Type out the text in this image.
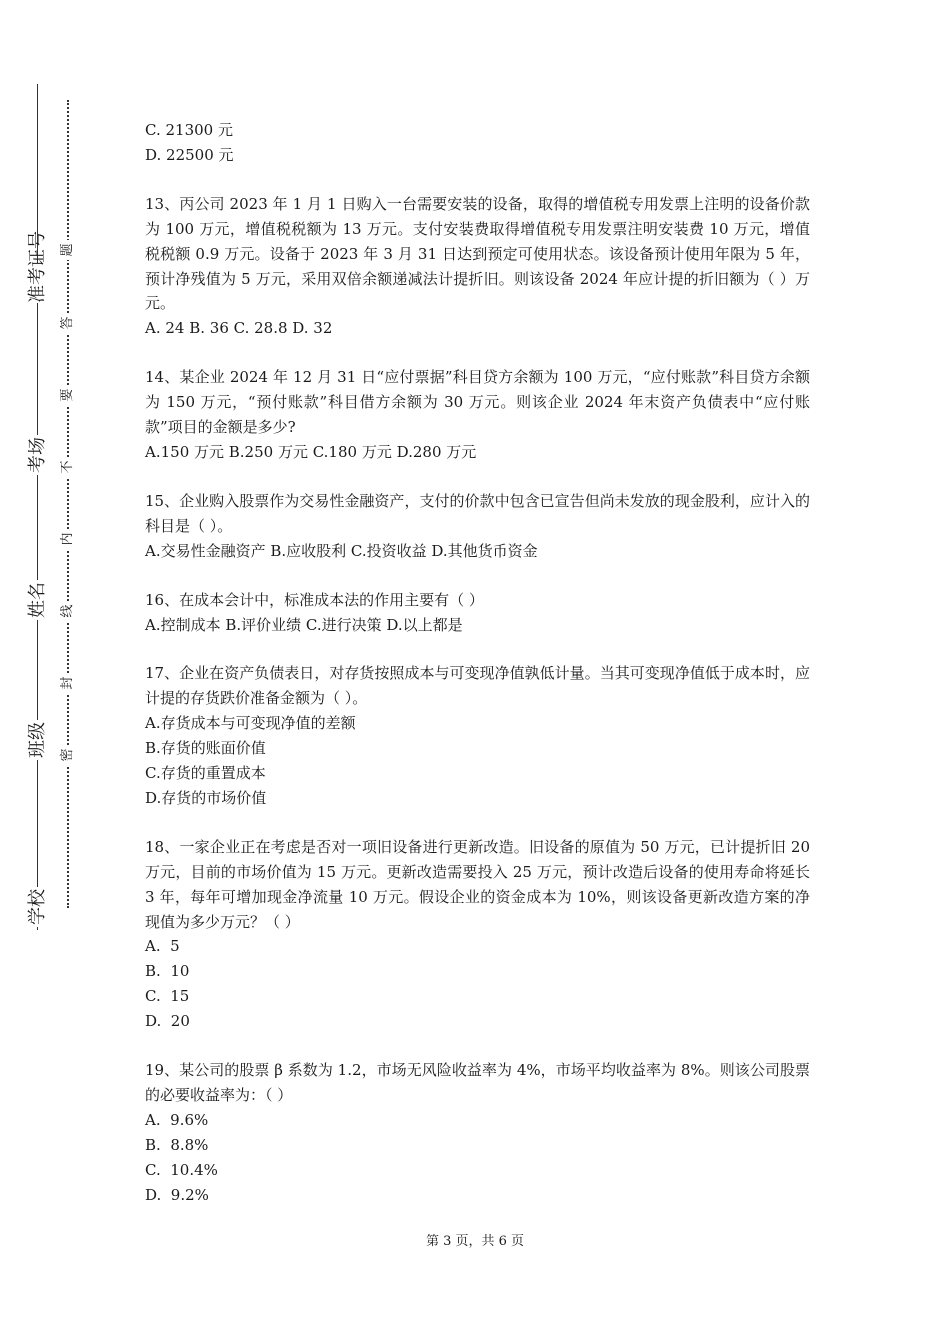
准考证号
考场
姓名
班级
学校
题
答
要
不
内
线
封
密

C. 21300 元

D. 22500 元

13、丙公司 2023 年 1 月 1 日购入一台需要安装的设备，取得的增值税专用发票上注明的设备价款为 100 万元，增值税税额为 13 万元。支付安装费取得增值税专用发票注明安装费 10 万元，增值税税额 0.9 万元。设备于 2023 年 3 月 31 日达到预定可使用状态。该设备预计使用年限为 5 年，预计净残值为 5 万元，采用双倍余额递减法计提折旧。则该设备 2024 年应计提的折旧额为（ ）万元。

A. 24 B. 36 C. 28.8 D. 32

14、某企业 2024 年 12 月 31 日“应付票据”科目贷方余额为 100 万元，“应付账款”科目贷方余额为 150 万元，“预付账款”科目借方余额为 30 万元。则该企业 2024 年末资产负债表中“应付账款”项目的金额是多少?

A.150 万元 B.250 万元 C.180 万元 D.280 万元

15、企业购入股票作为交易性金融资产，支付的价款中包含已宣告但尚未发放的现金股利，应计入的科目是（ ）。

A.交易性金融资产 B.应收股利 C.投资收益 D.其他货币资金

16、在成本会计中，标准成本法的作用主要有（ ）

A.控制成本 B.评价业绩 C.进行决策 D.以上都是

17、企业在资产负债表日，对存货按照成本与可变现净值孰低计量。当其可变现净值低于成本时，应计提的存货跌价准备金额为（ ）。

A.存货成本与可变现净值的差额

B.存货的账面价值

C.存货的重置成本

D.存货的市场价值

18、一家企业正在考虑是否对一项旧设备进行更新改造。旧设备的原值为 50 万元，已计提折旧 20 万元，目前的市场价值为 15 万元。更新改造需要投入 25 万元，预计改造后设备的使用寿命将延长 3 年，每年可增加现金净流量 10 万元。假设企业的资金成本为 10%，则该设备更新改造方案的净现值为多少万元？（ ）

A.  5

B.  10

C.  15

D.  20

19、某公司的股票 β 系数为 1.2，市场无风险收益率为 4%，市场平均收益率为 8%。则该公司股票的必要收益率为：（ ）

A.  9.6%

B.  8.8%

C.  10.4%

D.  9.2%

第 3 页，共 6 页
